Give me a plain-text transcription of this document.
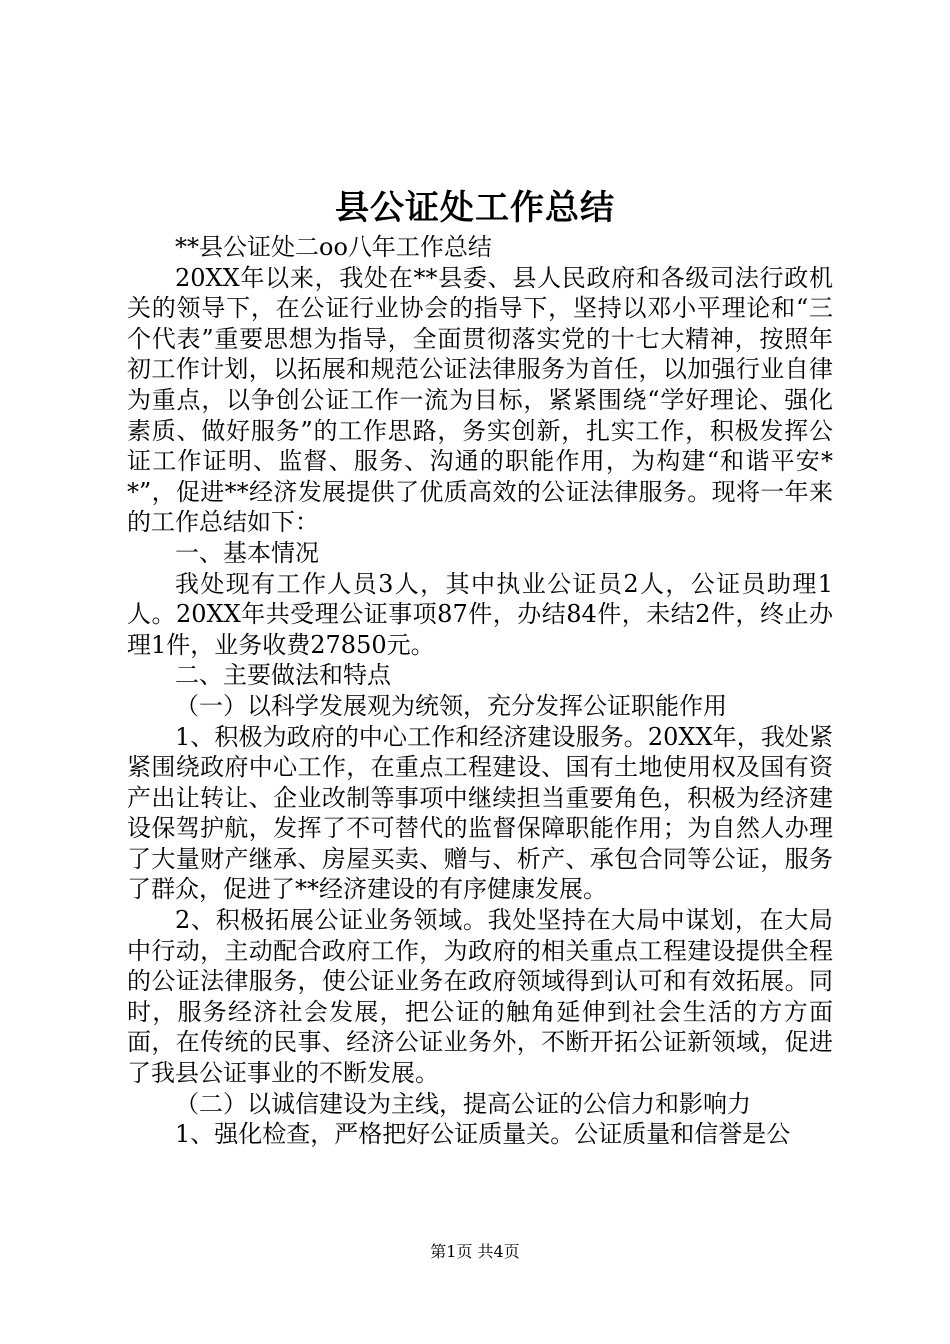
县公证处工作总结

**县公证处二oo八年工作总结

20XX年以来，我处在**县委、县人民政府和各级司法行政机关的领导下，在公证行业协会的指导下，坚持以邓小平理论和“三个代表”重要思想为指导，全面贯彻落实党的十七大精神，按照年初工作计划，以拓展和规范公证法律服务为首任，以加强行业自律为重点，以争创公证工作一流为目标，紧紧围绕“学好理论、强化素质、做好服务”的工作思路，务实创新，扎实工作，积极发挥公证工作证明、监督、服务、沟通的职能作用，为构建“和谐平安**”，促进**经济发展提供了优质高效的公证法律服务。现将一年来的工作总结如下：

一、基本情况

我处现有工作人员3人，其中执业公证员2人，公证员助理1人。20XX年共受理公证事项87件，办结84件，未结2件，终止办理1件，业务收费27850元。

二、主要做法和特点

（一）以科学发展观为统领，充分发挥公证职能作用

1、积极为政府的中心工作和经济建设服务。20XX年，我处紧紧围绕政府中心工作，在重点工程建设、国有土地使用权及国有资产出让转让、企业改制等事项中继续担当重要角色，积极为经济建设保驾护航，发挥了不可替代的监督保障职能作用；为自然人办理了大量财产继承、房屋买卖、赠与、析产、承包合同等公证，服务了群众，促进了**经济建设的有序健康发展。

2、积极拓展公证业务领域。我处坚持在大局中谋划，在大局中行动，主动配合政府工作，为政府的相关重点工程建设提供全程的公证法律服务，使公证业务在政府领域得到认可和有效拓展。同时，服务经济社会发展，把公证的触角延伸到社会生活的方方面面，在传统的民事、经济公证业务外，不断开拓公证新领域，促进了我县公证事业的不断发展。

（二）以诚信建设为主线，提高公证的公信力和影响力

1、强化检查，严格把好公证质量关。公证质量和信誉是公

第1页 共4页
